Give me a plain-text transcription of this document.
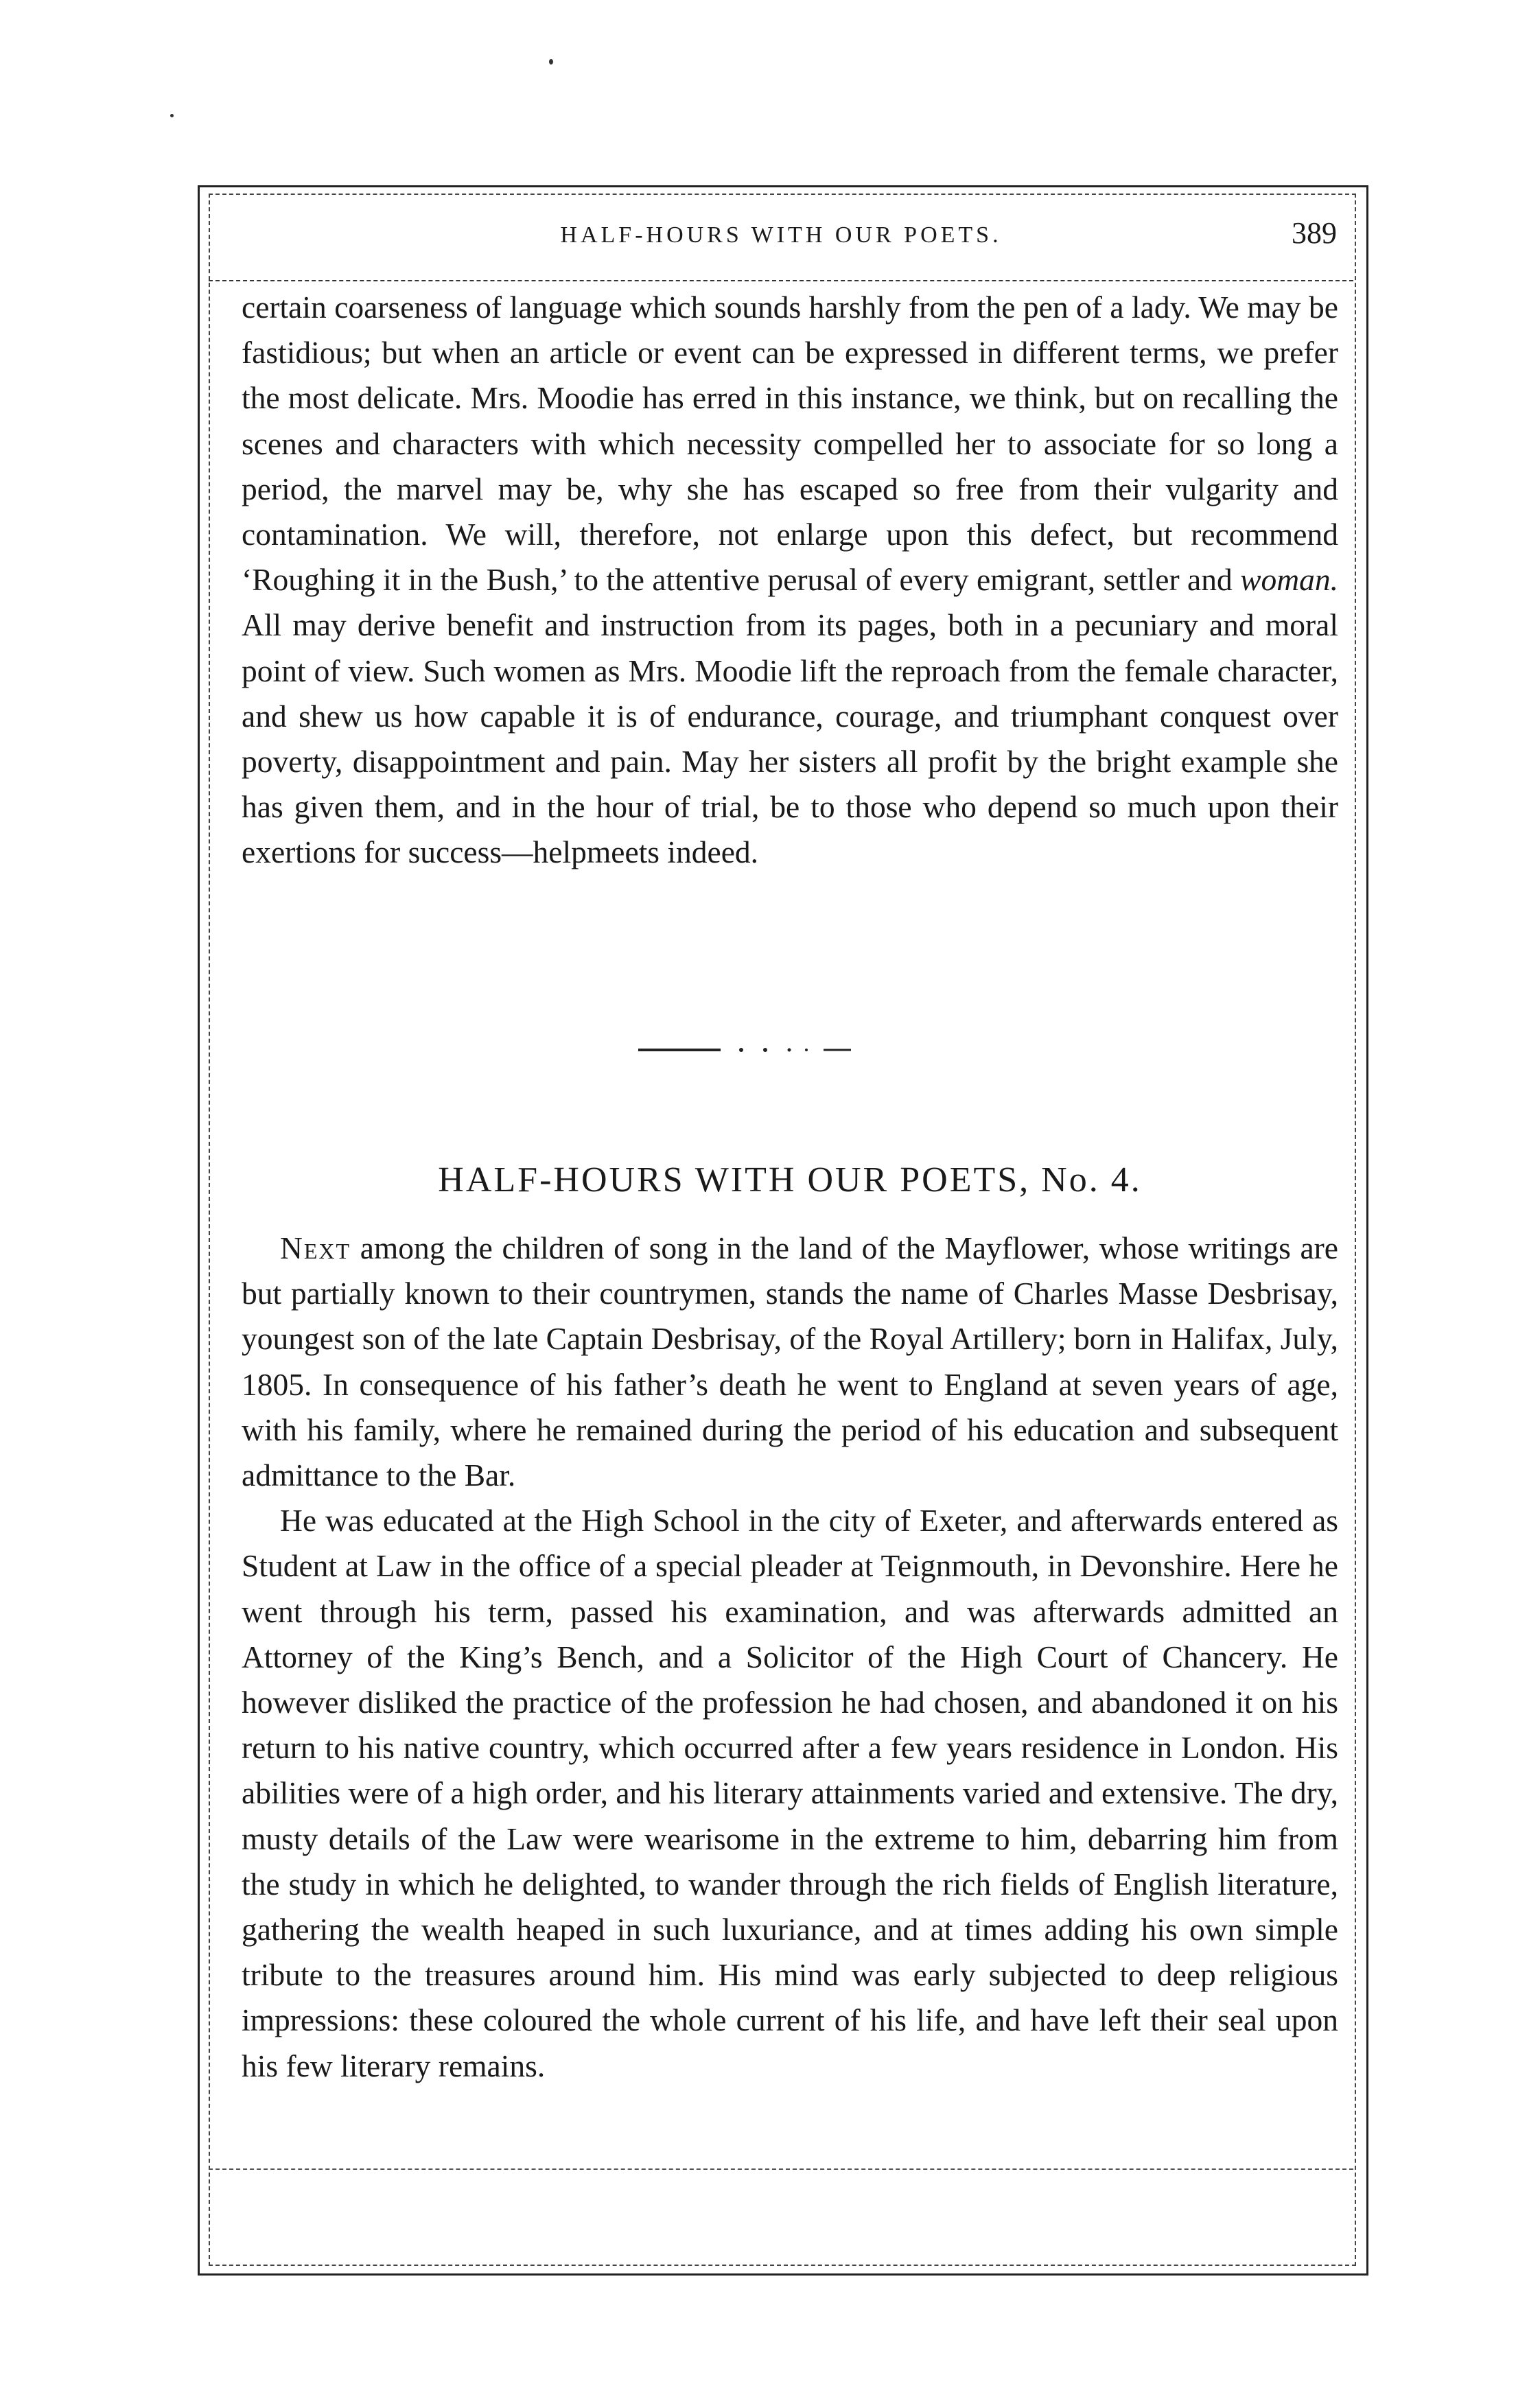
HALF-HOURS WITH OUR POETS.	389

certain coarseness of language which sounds harshly from the pen of a lady. We may be fastidious; but when an article or event can be expressed in different terms, we prefer the most delicate. Mrs. Moodie has erred in this instance, we think, but on recalling the scenes and characters with which necessity compelled her to associate for so long a period, the marvel may be, why she has escaped so free from their vulgarity and contamination. We will, therefore, not enlarge upon this defect, but recommend ‘Roughing it in the Bush,’ to the attentive perusal of every emigrant, settler and woman. All may derive benefit and instruction from its pages, both in a pecuniary and moral point of view. Such women as Mrs. Moodie lift the reproach from the female character, and shew us how capable it is of endurance, courage, and triumphant conquest over poverty, disappointment and pain. May her sisters all profit by the bright example she has given them, and in the hour of trial, be to those who depend so much upon their exertions for success—helpmeets indeed.

HALF-HOURS WITH OUR POETS, No. 4.

Next among the children of song in the land of the Mayflower, whose writings are but partially known to their countrymen, stands the name of Charles Masse Desbrisay, youngest son of the late Captain Desbrisay, of the Royal Artillery; born in Halifax, July, 1805. In consequence of his father’s death he went to England at seven years of age, with his family, where he remained during the period of his education and subsequent admittance to the Bar.

He was educated at the High School in the city of Exeter, and afterwards entered as Student at Law in the office of a special pleader at Teignmouth, in Devonshire. Here he went through his term, passed his examination, and was afterwards admitted an Attorney of the King’s Bench, and a Solicitor of the High Court of Chancery. He however disliked the practice of the profession he had chosen, and abandoned it on his return to his native country, which occurred after a few years residence in London. His abilities were of a high order, and his literary attainments varied and extensive. The dry, musty details of the Law were wearisome in the extreme to him, debarring him from the study in which he delighted, to wander through the rich fields of English literature, gathering the wealth heaped in such luxuriance, and at times adding his own simple tribute to the treasures around him. His mind was early subjected to deep religious impressions: these coloured the whole current of his life, and have left their seal upon his few literary remains.
